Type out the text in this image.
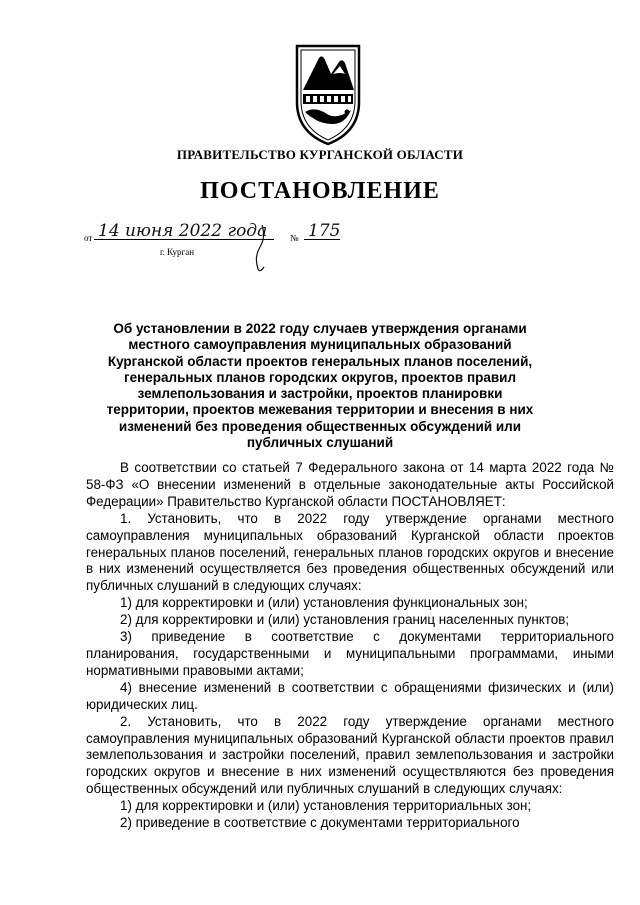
ПРАВИТЕЛЬСТВО КУРГАНСКОЙ ОБЛАСТИ
ПОСТАНОВЛЕНИЕ
от 14 июня 2022 года	№ 175
г. Курган
Об установлении в 2022 году случаев утверждения органами местного самоуправления муниципальных образований Курганской области проектов генеральных планов поселений, генеральных планов городских округов, проектов правил землепользования и застройки, проектов планировки территории, проектов межевания территории и внесения в них изменений без проведения общественных обсуждений или публичных слушаний

В соответствии со статьей 7 Федерального закона от 14 марта 2022 года № 58-ФЗ «О внесении изменений в отдельные законодательные акты Российской Федерации» Правительство Курганской области ПОСТАНОВЛЯЕТ:

1. Установить, что в 2022 году утверждение органами местного самоуправления муниципальных образований Курганской области проектов генеральных планов поселений, генеральных планов городских округов и внесение в них изменений осуществляется без проведения общественных обсуждений или публичных слушаний в следующих случаях:

1) для корректировки и (или) установления функциональных зон;

2) для корректировки и (или) установления границ населенных пунктов;

3) приведение в соответствие с документами территориального планирования, государственными и муниципальными программами, иными нормативными правовыми актами;

4) внесение изменений в соответствии с обращениями физических и (или) юридических лиц.

2. Установить, что в 2022 году утверждение органами местного самоуправления муниципальных образований Курганской области проектов правил землепользования и застройки поселений, правил землепользования и застройки городских округов и внесение в них изменений осуществляются без проведения общественных обсуждений или публичных слушаний в следующих случаях:

1) для корректировки и (или) установления территориальных зон;

2) приведение в соответствие с документами территориального
